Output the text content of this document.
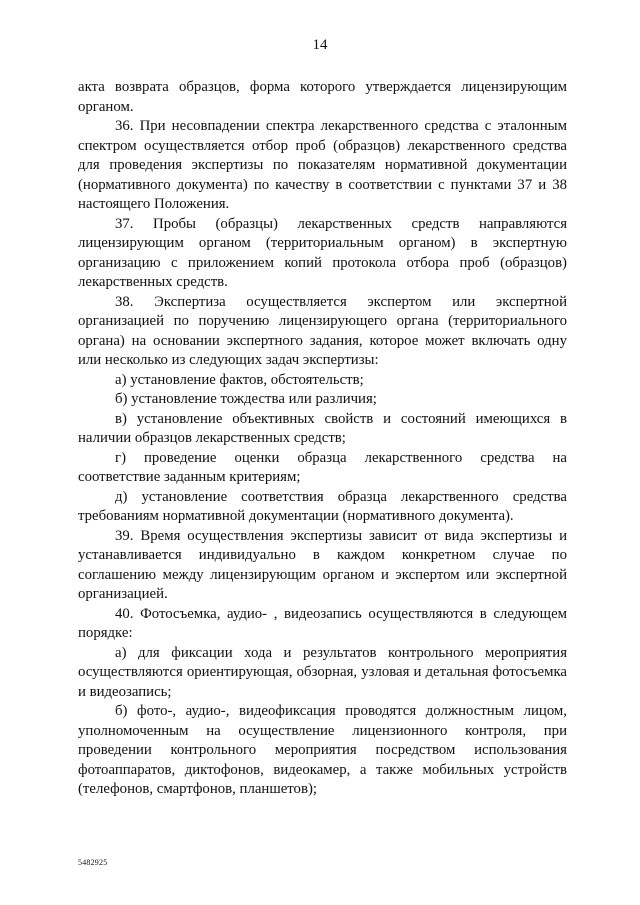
14

акта возврата образцов, форма которого утверждается лицензирующим органом.

36. При несовпадении спектра лекарственного средства с эталонным спектром осуществляется отбор проб (образцов) лекарственного средства для проведения экспертизы по показателям нормативной документации (нормативного документа) по качеству в соответствии с пунктами 37 и 38 настоящего Положения.

37. Пробы (образцы) лекарственных средств направляются лицензирующим органом (территориальным органом) в экспертную организацию с приложением копий протокола отбора проб (образцов) лекарственных средств.

38. Экспертиза осуществляется экспертом или экспертной организацией по поручению лицензирующего органа (территориального органа) на основании экспертного задания, которое может включать одну или несколько из следующих задач экспертизы:

а) установление фактов, обстоятельств;

б) установление тождества или различия;

в) установление объективных свойств и состояний имеющихся в наличии образцов лекарственных средств;

г) проведение оценки образца лекарственного средства на соответствие заданным критериям;

д) установление соответствия образца лекарственного средства требованиям нормативной документации (нормативного документа).

39. Время осуществления экспертизы зависит от вида экспертизы и устанавливается индивидуально в каждом конкретном случае по соглашению между лицензирующим органом и экспертом или экспертной организацией.

40. Фотосъемка, аудио- , видеозапись осуществляются в следующем порядке:

а) для фиксации хода и результатов контрольного мероприятия осуществляются ориентирующая, обзорная, узловая и детальная фотосъемка и видеозапись;

б) фото-, аудио-, видеофиксация проводятся должностным лицом, уполномоченным на осуществление лицензионного контроля, при проведении контрольного мероприятия посредством использования фотоаппаратов, диктофонов, видеокамер, а также мобильных устройств (телефонов, смартфонов, планшетов);

5482925
